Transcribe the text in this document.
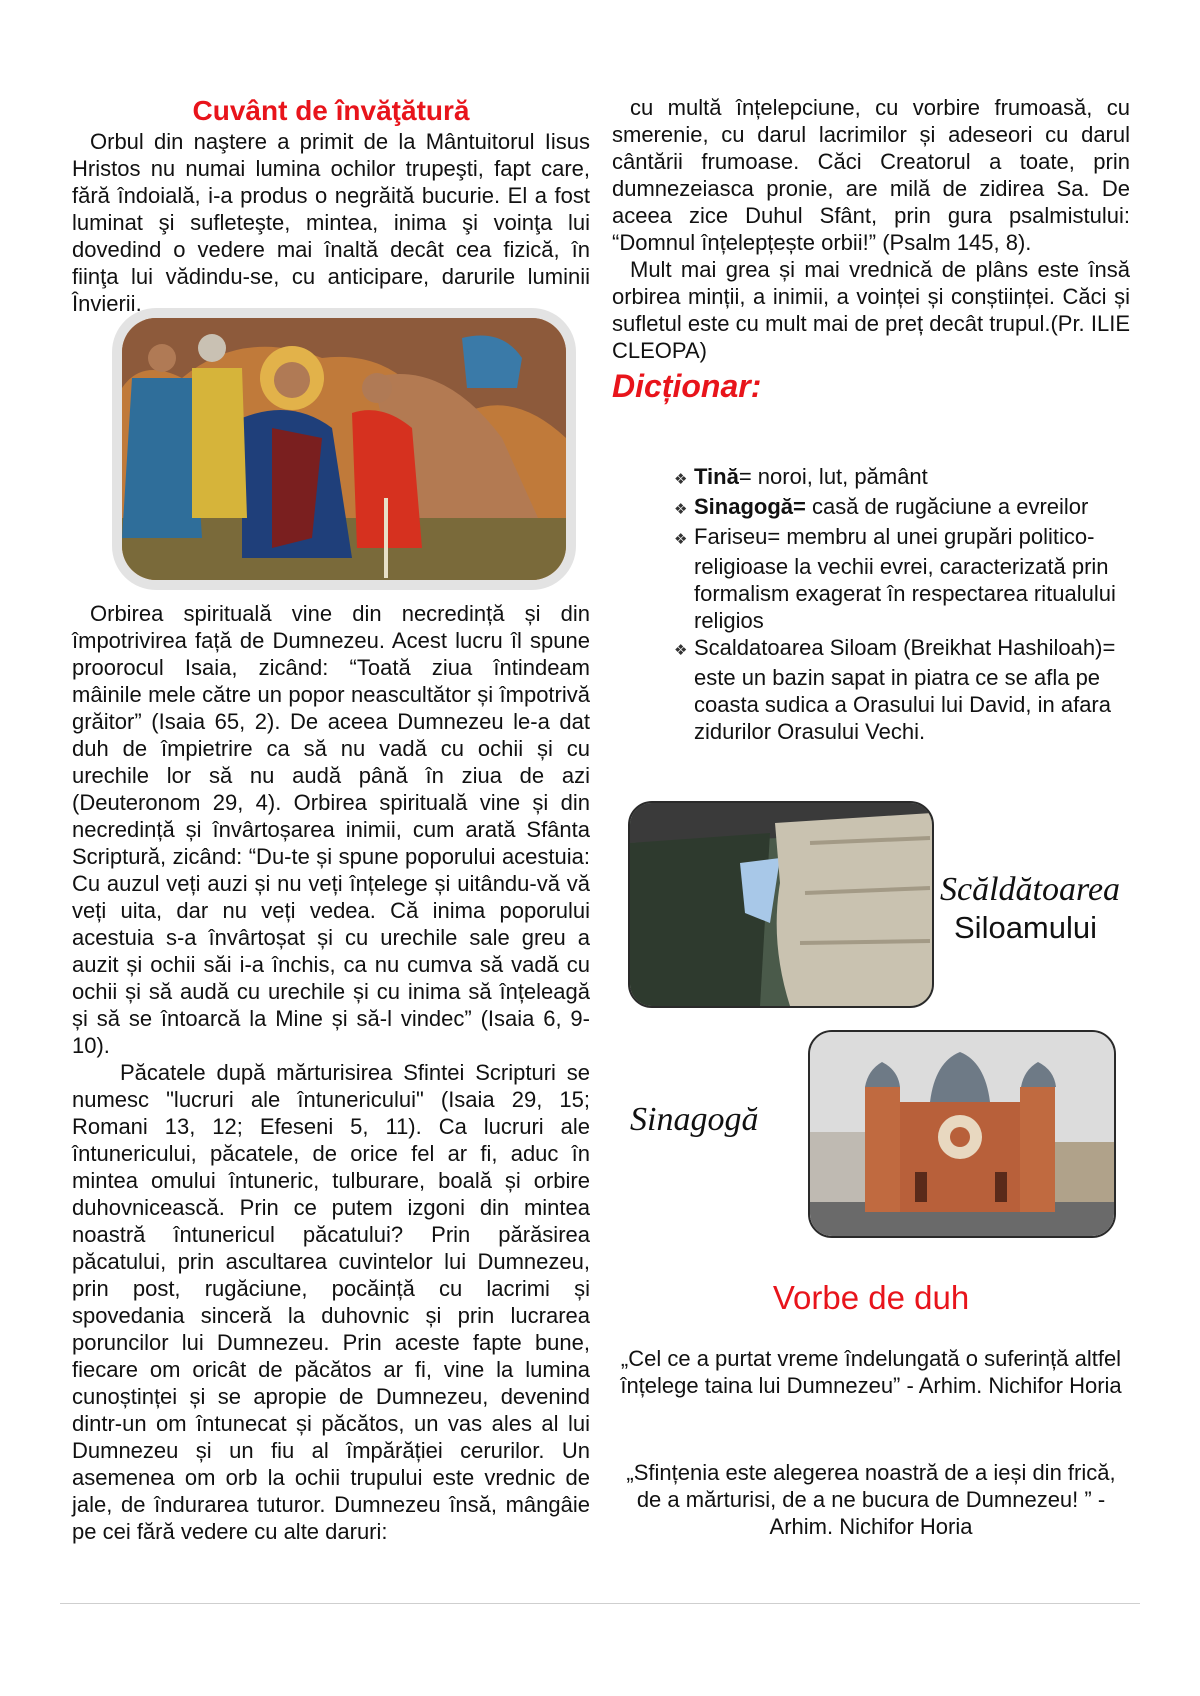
Cuvânt de învăţătură

Orbul din naştere a primit de la Mântuitorul Iisus Hristos nu numai lumina ochilor trupeşti, fapt care, fără îndoială, i-a produs o negrăită bucurie. El a fost luminat şi sufleteşte, mintea, inima şi voinţa lui dovedind o vedere mai înaltă decât cea fizică, în fiinţa lui vădindu-se, cu anticipare, darurile luminii Învierii.

Orbirea spirituală vine din necredință și din împotrivirea față de Dumnezeu. Acest lucru îl spune proorocul Isaia, zicând: “Toată ziua întindeam mâinile mele către un popor neascultător și împotrivă grăitor” (Isaia 65, 2). De aceea Dumnezeu le-a dat duh de împietrire ca să nu vadă cu ochii și cu urechile lor să nu audă până în ziua de azi (Deuteronom 29, 4). Orbirea spirituală vine și din necredință și învârtoșarea inimii, cum arată Sfânta Scriptură, zicând: “Du-te și spune poporului acestuia: Cu auzul veți auzi și nu veți înțelege și uitându-vă vă veți uita, dar nu veți vedea. Că inima poporului acestuia s-a învârtoșat și cu urechile sale greu a auzit și ochii săi i-a închis, ca nu cumva să vadă cu ochii și să audă cu urechile și cu inima să înțeleagă și să se întoarcă la Mine și să-l vindec” (Isaia 6, 9-10).

Păcatele după mărturisirea Sfintei Scripturi se numesc "lucruri ale întunericului" (Isaia 29, 15; Romani 13, 12; Efeseni 5, 11). Ca lucruri ale întunericului, păcatele, de orice fel ar fi, aduc în mintea omului întuneric, tulburare, boală și orbire duhovnicească. Prin ce putem izgoni din mintea noastră întunericul păcatului? Prin părăsirea păcatului, prin ascultarea cuvintelor lui Dumnezeu, prin post, rugăciune, pocăință cu lacrimi și spovedania sinceră la duhovnic și prin lucrarea poruncilor lui Dumnezeu. Prin aceste fapte bune, fiecare om oricât de păcătos ar fi, vine la lumina cunoștinței și se apropie de Dumnezeu, devenind dintr-un om întunecat și păcătos, un vas ales al lui Dumnezeu și un fiu al împărăției cerurilor. Un asemenea om orb la ochii trupului este vrednic de jale, de îndurarea tuturor. Dumnezeu însă, mângâie pe cei fără vedere cu alte daruri:

cu multă înțelepciune, cu vorbire frumoasă, cu smerenie, cu darul lacrimilor și adeseori cu darul cântării frumoase. Căci Creatorul a toate, prin dumnezeiasca pronie, are milă de zidirea Sa. De aceea zice Duhul Sfânt, prin gura psalmistului: “Domnul înțelepțește orbii!” (Psalm 145, 8).

Mult mai grea și mai vrednică de plâns este însă orbirea minții, a inimii, a voinței și conștiinței. Căci și sufletul este cu mult mai de preț decât trupul.(Pr. ILIE CLEOPA)

Dicționar:
❖ Tină= noroi, lut, pământ
❖ Sinagogă= casă de rugăciune a evreilor
❖ Fariseu= membru al unei grupări politico-religioase la vechii evrei, caracterizată prin formalism exagerat în respectarea ritualului religios
❖ Scaldatoarea Siloam (Breikhat Hashiloah)= este un bazin sapat in piatra ce se afla pe coasta sudica a Orasului lui David, in afara zidurilor Orasului Vechi.
Scăldătoarea
Siloamului
Sinagogă
Vorbe de duh
„Cel ce a purtat vreme îndelungată o suferință altfel înțelege taina lui Dumnezeu” - Arhim. Nichifor Horia
„Sfințenia este alegerea noastră de a ieși din frică, de a mărturisi, de a ne bucura de Dumnezeu! ” - Arhim. Nichifor Horia
